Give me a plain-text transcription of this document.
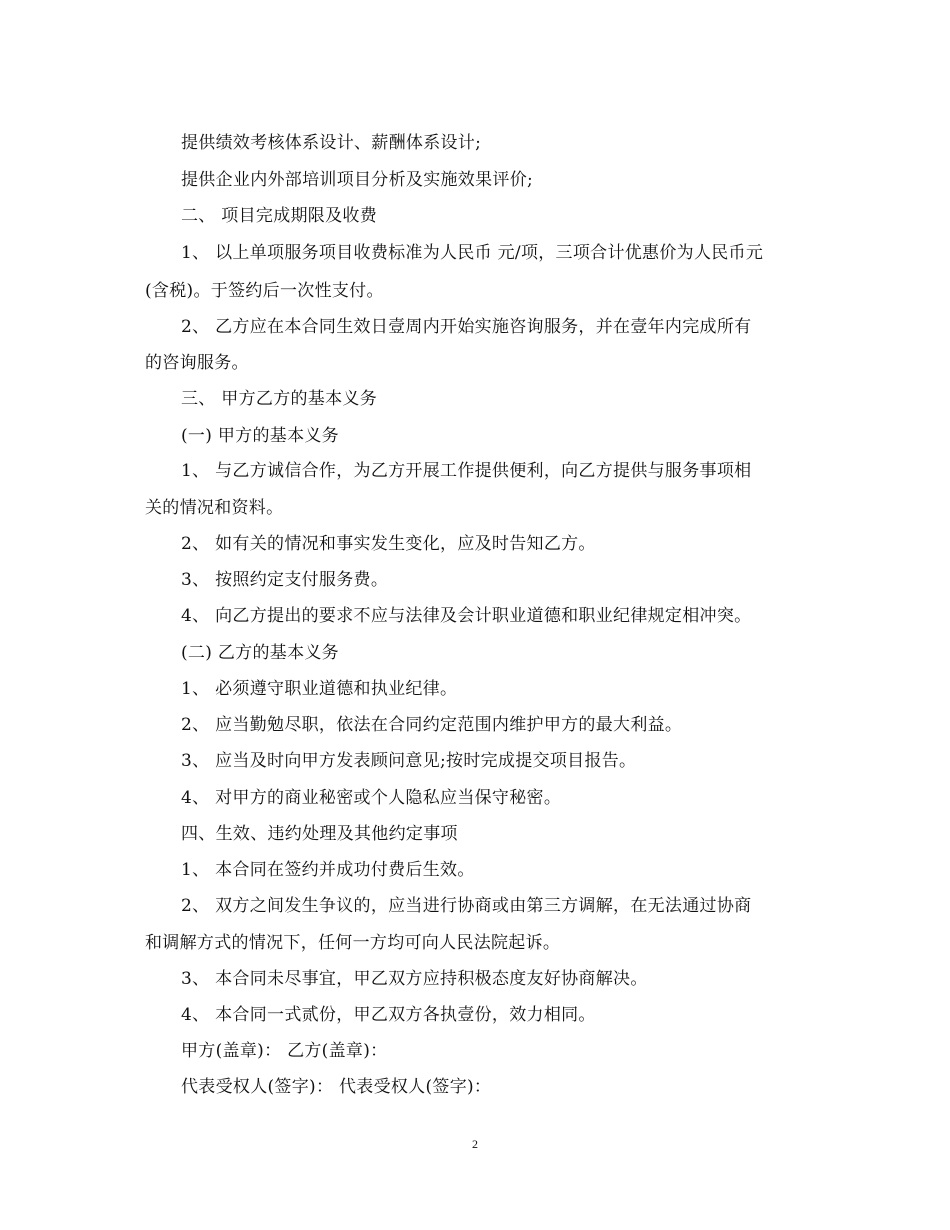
提供绩效考核体系设计、薪酬体系设计;
提供企业内外部培训项目分析及实施效果评价;
二、 项目完成期限及收费
1、 以上单项服务项目收费标准为人民币 元/项，三项合计优惠价为人民币元
(含税)。于签约后一次性支付。
2、 乙方应在本合同生效日壹周内开始实施咨询服务，并在壹年内完成所有
的咨询服务。
三、 甲方乙方的基本义务
(一) 甲方的基本义务
1、 与乙方诚信合作，为乙方开展工作提供便利，向乙方提供与服务事项相
关的情况和资料。
2、 如有关的情况和事实发生变化，应及时告知乙方。
3、 按照约定支付服务费。
4、 向乙方提出的要求不应与法律及会计职业道德和职业纪律规定相冲突。
(二) 乙方的基本义务
1、 必须遵守职业道德和执业纪律。
2、 应当勤勉尽职，依法在合同约定范围内维护甲方的最大利益。
3、 应当及时向甲方发表顾问意见;按时完成提交项目报告。
4、 对甲方的商业秘密或个人隐私应当保守秘密。
四、生效、违约处理及其他约定事项
1、 本合同在签约并成功付费后生效。
2、 双方之间发生争议的，应当进行协商或由第三方调解，在无法通过协商
和调解方式的情况下，任何一方均可向人民法院起诉。
3、 本合同未尽事宜，甲乙双方应持积极态度友好协商解决。
4、 本合同一式贰份，甲乙双方各执壹份，效力相同。
甲方(盖章)： 乙方(盖章)：
代表受权人(签字)： 代表受权人(签字)：
2
